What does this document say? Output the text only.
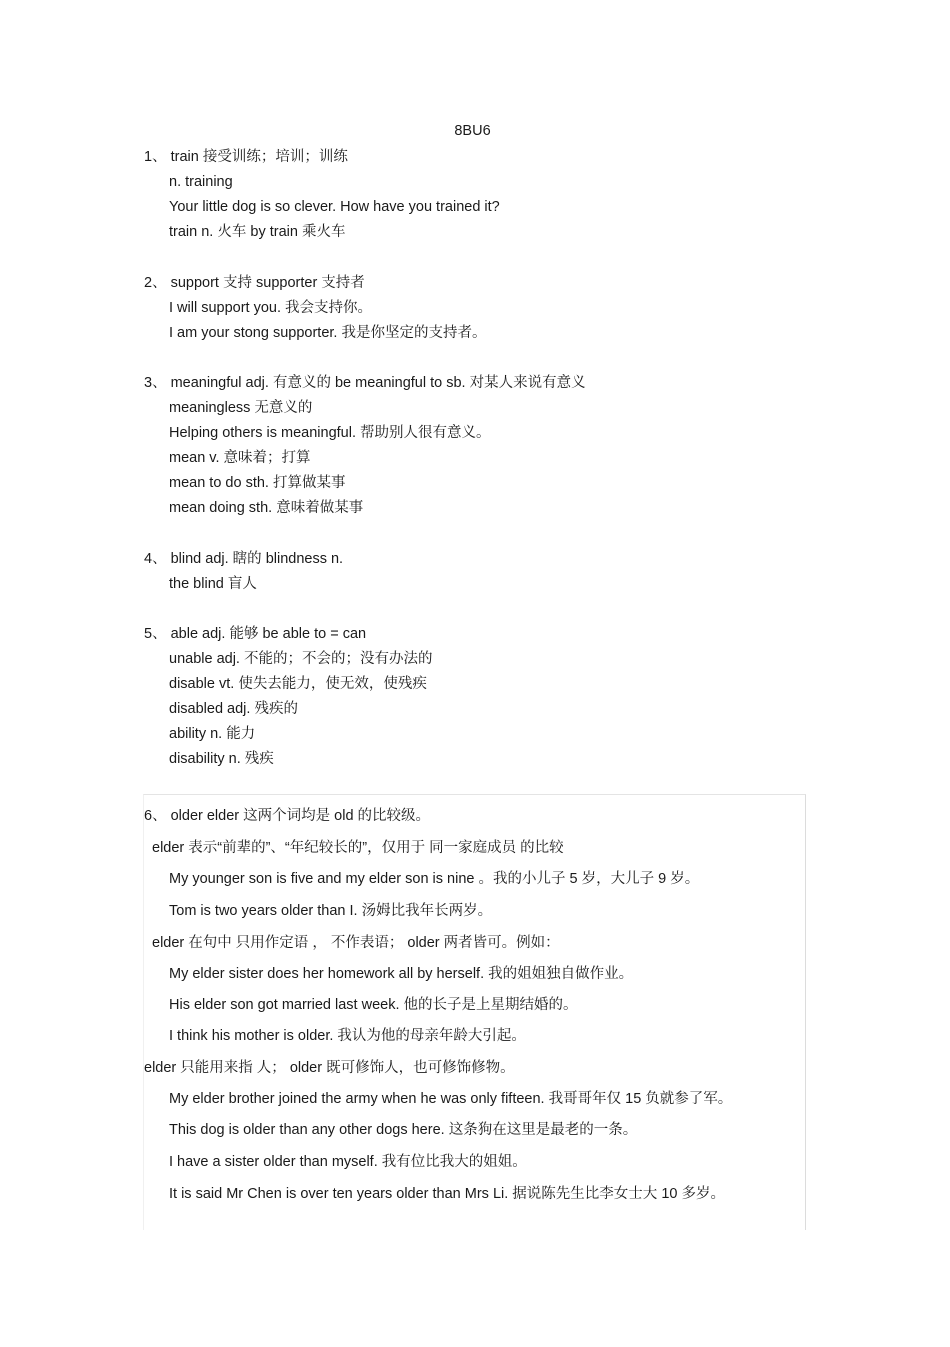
8BU6
1、 train 接受训练；培训；训练
n. training
Your little dog is so clever. How have you trained it?
train n. 火车 by train 乘火车
2、 support 支持 supporter 支持者
I will support you. 我会支持你。
I am your stong supporter. 我是你坚定的支持者。
3、 meaningful adj. 有意义的 be meaningful to sb. 对某人来说有意义
meaningless 无意义的
Helping others is meaningful. 帮助别人很有意义。
mean v. 意味着；打算
mean to do sth. 打算做某事
mean doing sth. 意味着做某事
4、 blind adj. 瞎的 blindness n.
the blind 盲人
5、 able adj. 能够 be able to = can
unable adj. 不能的；不会的；没有办法的
disable vt. 使失去能力，使无效，使残疾
disabled adj. 残疾的
ability n. 能力
disability n. 残疾
6、 older elder 这两个词均是 old 的比较级。
elder 表示“前辈的”、“年纪较长的”，仅用于 同一家庭成员 的比较
My younger son is five and my elder son is nine 。我的小儿子 5 岁，大儿子 9 岁。
Tom is two years older than I. 汤姆比我年长两岁。
elder 在句中 只用作定语 ， 不作表语； older 两者皆可。例如：
My elder sister does her homework all by herself. 我的姐姐独自做作业。
His elder son got married last week. 他的长子是上星期结婚的。
I think his mother is older. 我认为他的母亲年龄大引起。
elder 只能用来指 人； older 既可修饰人，也可修饰修物。
My elder brother joined the army when he was only fifteen. 我哥哥年仅 15 负就参了军。
This dog is older than any other dogs here. 这条狗在这里是最老的一条。
I have a sister older than myself. 我有位比我大的姐姐。
It is said Mr Chen is over ten years older than Mrs Li. 据说陈先生比李女士大 10 多岁。
